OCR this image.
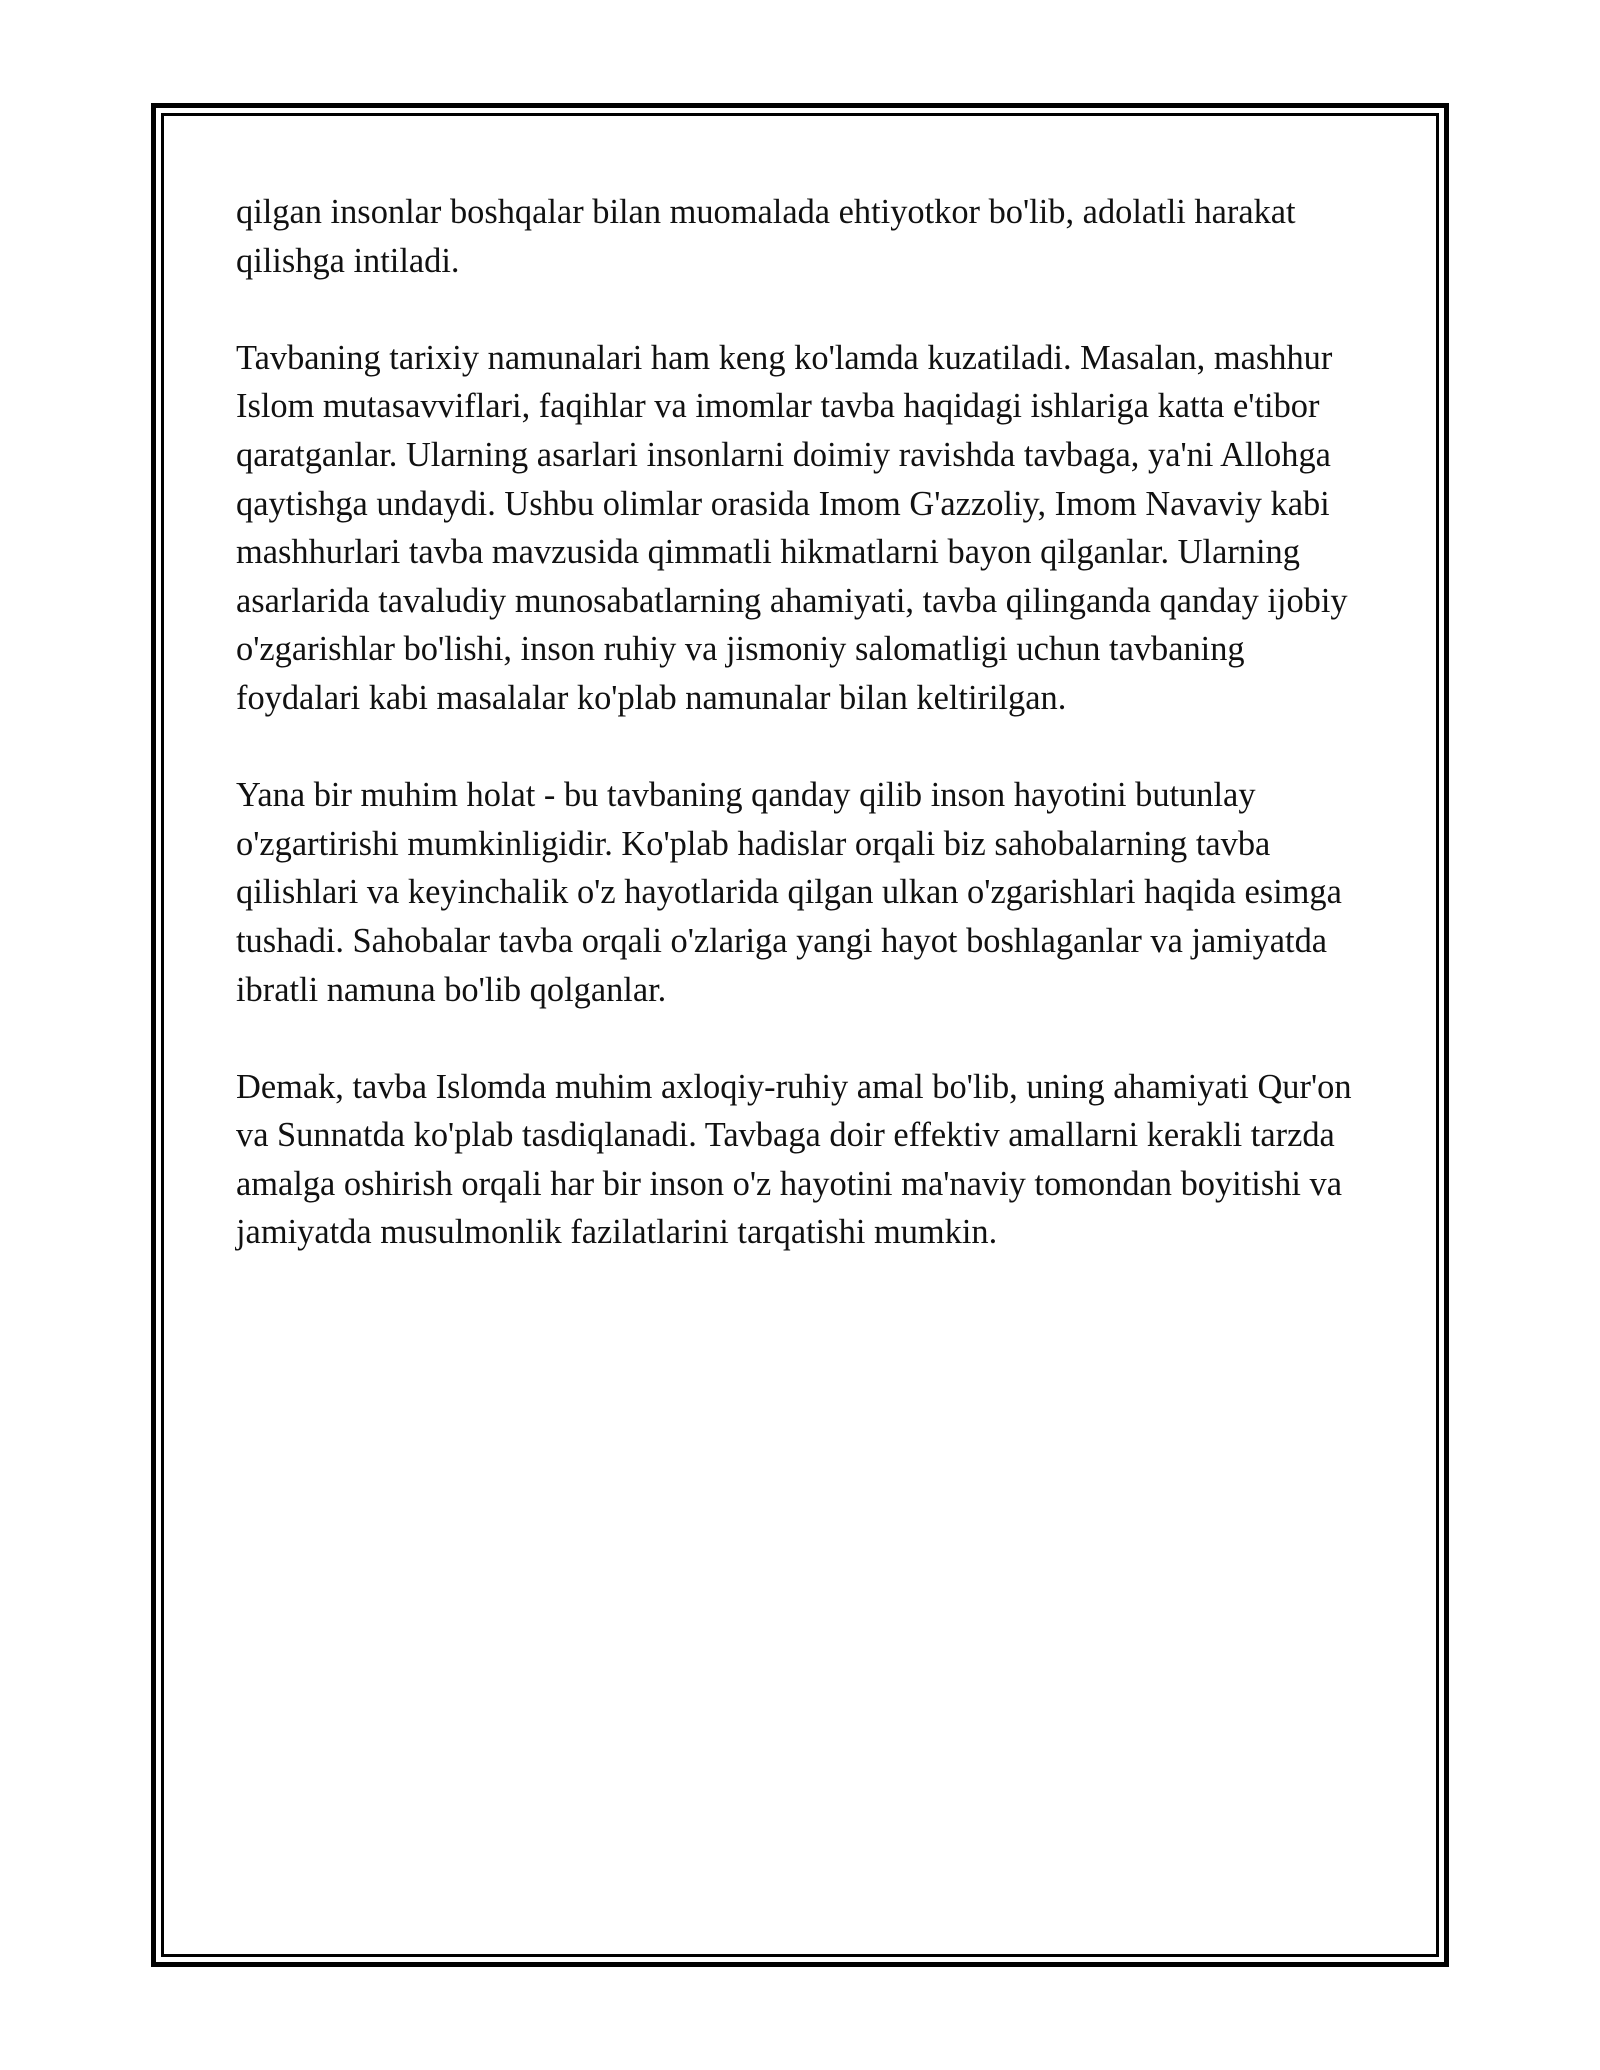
qilgan insonlar boshqalar bilan muomalada ehtiyotkor bo'lib, adolatli harakat qilishga intiladi.

Tavbaning tarixiy namunalari ham keng ko'lamda kuzatiladi. Masalan, mashhur Islom mutasavviflari, faqihlar va imomlar tavba haqidagi ishlariga katta e'tibor qaratganlar. Ularning asarlari insonlarni doimiy ravishda tavbaga, ya'ni Allohga qaytishga undaydi. Ushbu olimlar orasida Imom G'azzoliy, Imom Navaviy kabi mashhurlari tavba mavzusida qimmatli hikmatlarni bayon qilganlar. Ularning asarlarida tavaludiy munosabatlarning ahamiyati, tavba qilinganda qanday ijobiy o'zgarishlar bo'lishi, inson ruhiy va jismoniy salomatligi uchun tavbaning foydalari kabi masalalar ko'plab namunalar bilan keltirilgan.

Yana bir muhim holat - bu tavbaning qanday qilib inson hayotini butunlay o'zgartirishi mumkinligidir. Ko'plab hadislar orqali biz sahobalarning tavba qilishlari va keyinchalik o'z hayotlarida qilgan ulkan o'zgarishlari haqida esimga tushadi. Sahobalar tavba orqali o'zlariga yangi hayot boshlaganlar va jamiyatda ibratli namuna bo'lib qolganlar.

Demak, tavba Islomda muhim axloqiy-ruhiy amal bo'lib, uning ahamiyati Qur'on va Sunnatda ko'plab tasdiqlanadi. Tavbaga doir effektiv amallarni kerakli tarzda amalga oshirish orqali har bir inson o'z hayotini ma'naviy tomondan boyitishi va jamiyatda musulmonlik fazilatlarini tarqatishi mumkin.
